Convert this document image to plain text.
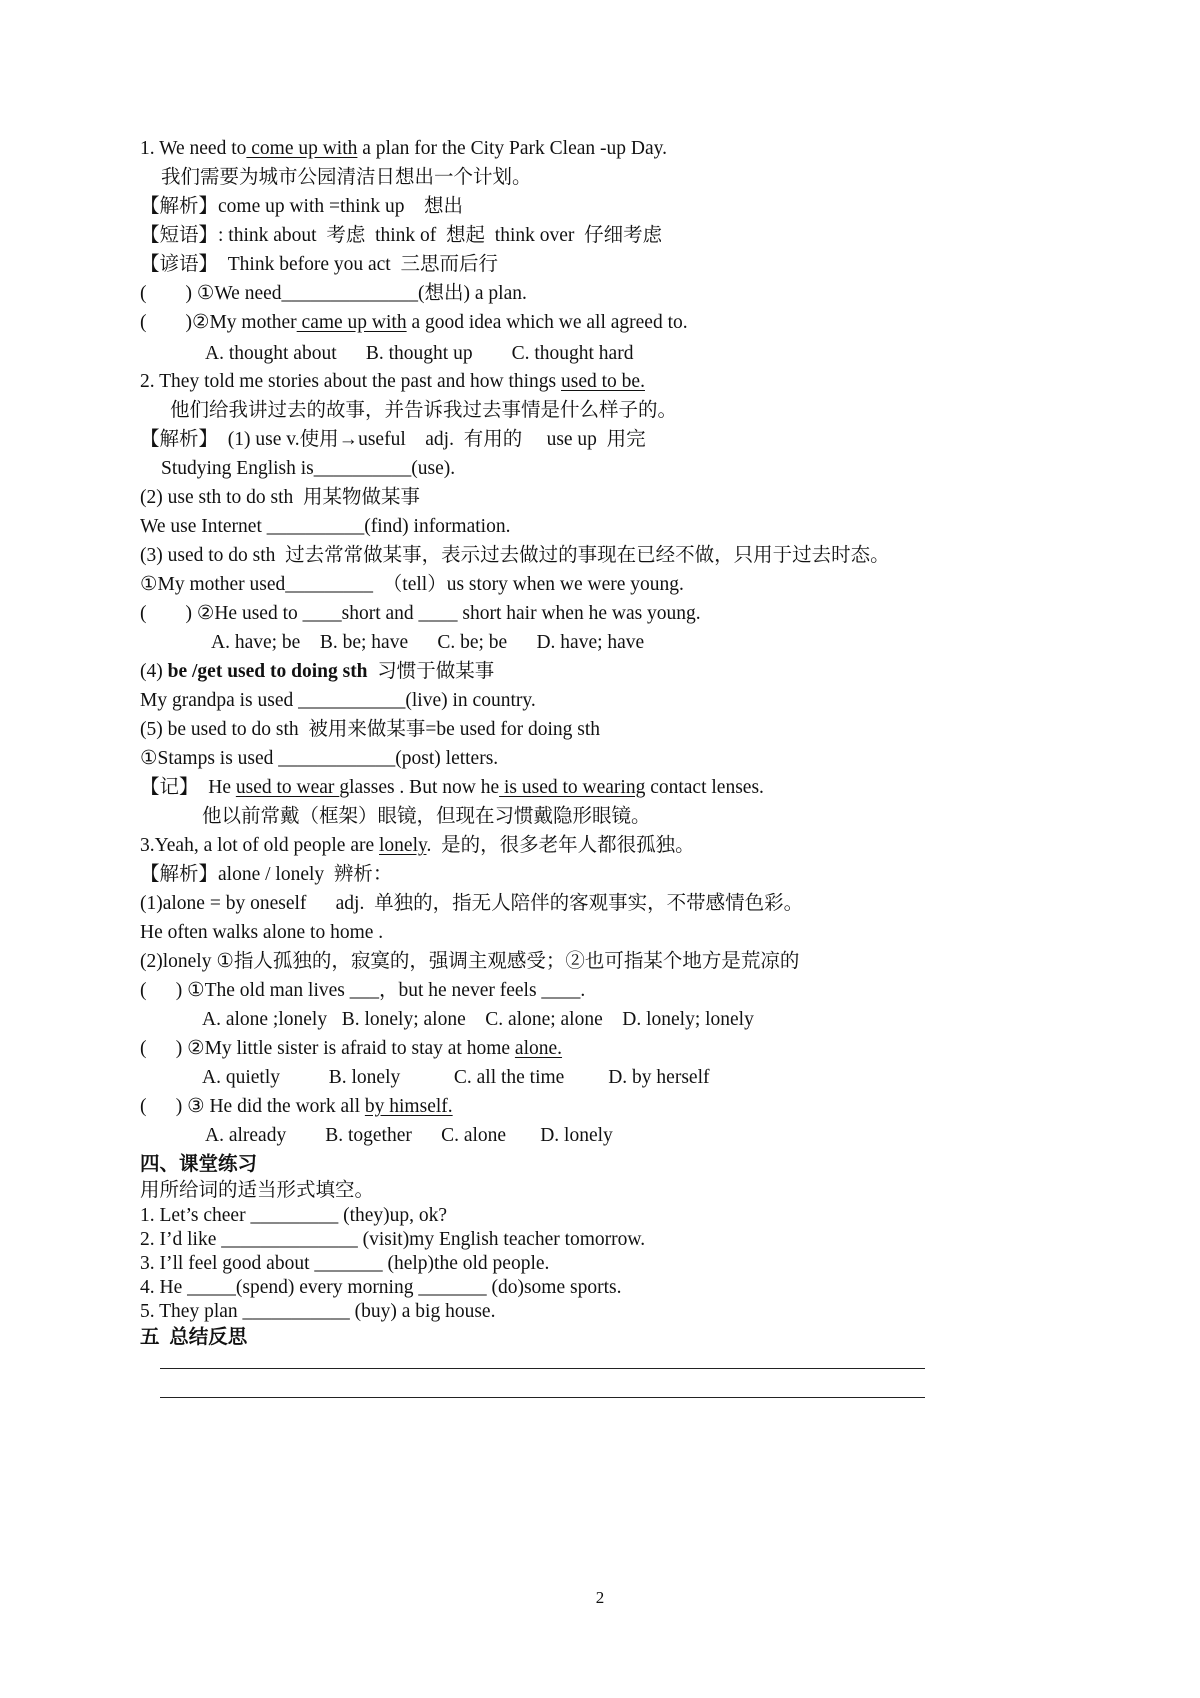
1. We need to come up with a plan for the City Park Clean -up Day.
我们需要为城市公园清洁日想出一个计划。
【解析】come up with =think up    想出
【短语】: think about  考虑  think of  想起  think over  仔细考虑
【谚语】  Think before you act  三思而后行
(        ) ①We need______________(想出) a plan.
(        )②My mother came up with a good idea which we all agreed to.
A. thought about      B. thought up        C. thought hard
2. They told me stories about the past and how things used to be.
他们给我讲过去的故事，并告诉我过去事情是什么样子的。
【解析】  (1) use v.使用→useful    adj.  有用的     use up  用完
Studying English is__________(use).
(2) use sth to do sth  用某物做某事
We use Internet __________(find) information.
(3) used to do sth  过去常常做某事，表示过去做过的事现在已经不做，只用于过去时态。
①My mother used_________  （tell）us story when we were young.
(        ) ②He used to ____short and ____ short hair when he was young.
A. have; be    B. be; have      C. be; be      D. have; have
(4) be /get used to doing sth  习惯于做某事
My grandpa is used ___________(live) in country.
(5) be used to do sth  被用来做某事=be used for doing sth
①Stamps is used ____________(post) letters.
【记】  He used to wear glasses . But now he is used to wearing contact lenses.
他以前常戴（框架）眼镜，但现在习惯戴隐形眼镜。
3.Yeah, a lot of old people are lonely.  是的，很多老年人都很孤独。
【解析】alone / lonely  辨析：
(1)alone = by oneself      adj.  单独的，指无人陪伴的客观事实，不带感情色彩。
He often walks alone to home .
(2)lonely ①指人孤独的，寂寞的，强调主观感受；②也可指某个地方是荒凉的
(      ) ①The old man lives ___，but he never feels ____.
A. alone ;lonely   B. lonely; alone    C. alone; alone    D. lonely; lonely
(      ) ②My little sister is afraid to stay at home alone.
A. quietly          B. lonely           C. all the time         D. by herself
(      ) ③ He did the work all by himself.
A. already        B. together      C. alone       D. lonely
四、课堂练习
用所给词的适当形式填空。
1. Let’s cheer _________ (they)up, ok?
2. I’d like ______________ (visit)my English teacher tomorrow.
3. I’ll feel good about _______ (help)the old people.
4. He _____(spend) every morning _______ (do)some sports.
5. They plan ___________ (buy) a big house.
五  总结反思
2
